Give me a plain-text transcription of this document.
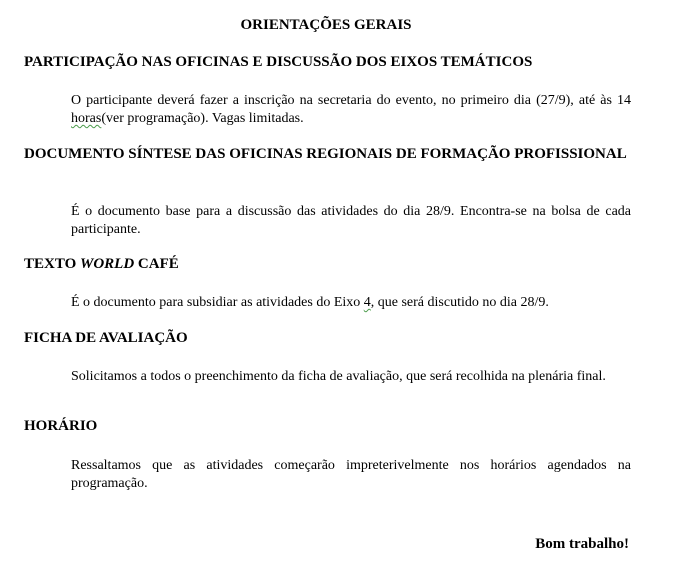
ORIENTAÇÕES GERAIS
PARTICIPAÇÃO NAS OFICINAS E DISCUSSÃO DOS EIXOS TEMÁTICOS
O participante deverá fazer a inscrição na secretaria do evento, no primeiro dia (27/9), até às 14 horas(ver programação). Vagas limitadas.
DOCUMENTO SÍNTESE DAS OFICINAS REGIONAIS DE FORMAÇÃO PROFISSIONAL
É o documento base para a discussão das atividades do dia 28/9. Encontra-se na bolsa de cada participante.
TEXTO WORLD CAFÉ
É o documento para subsidiar as atividades do Eixo 4, que será discutido no dia 28/9.
FICHA DE AVALIAÇÃO
Solicitamos a todos o preenchimento da ficha de avaliação, que será recolhida na plenária final.
HORÁRIO
Ressaltamos que as atividades começarão impreterivelmente nos horários agendados na programação.
Bom trabalho!
